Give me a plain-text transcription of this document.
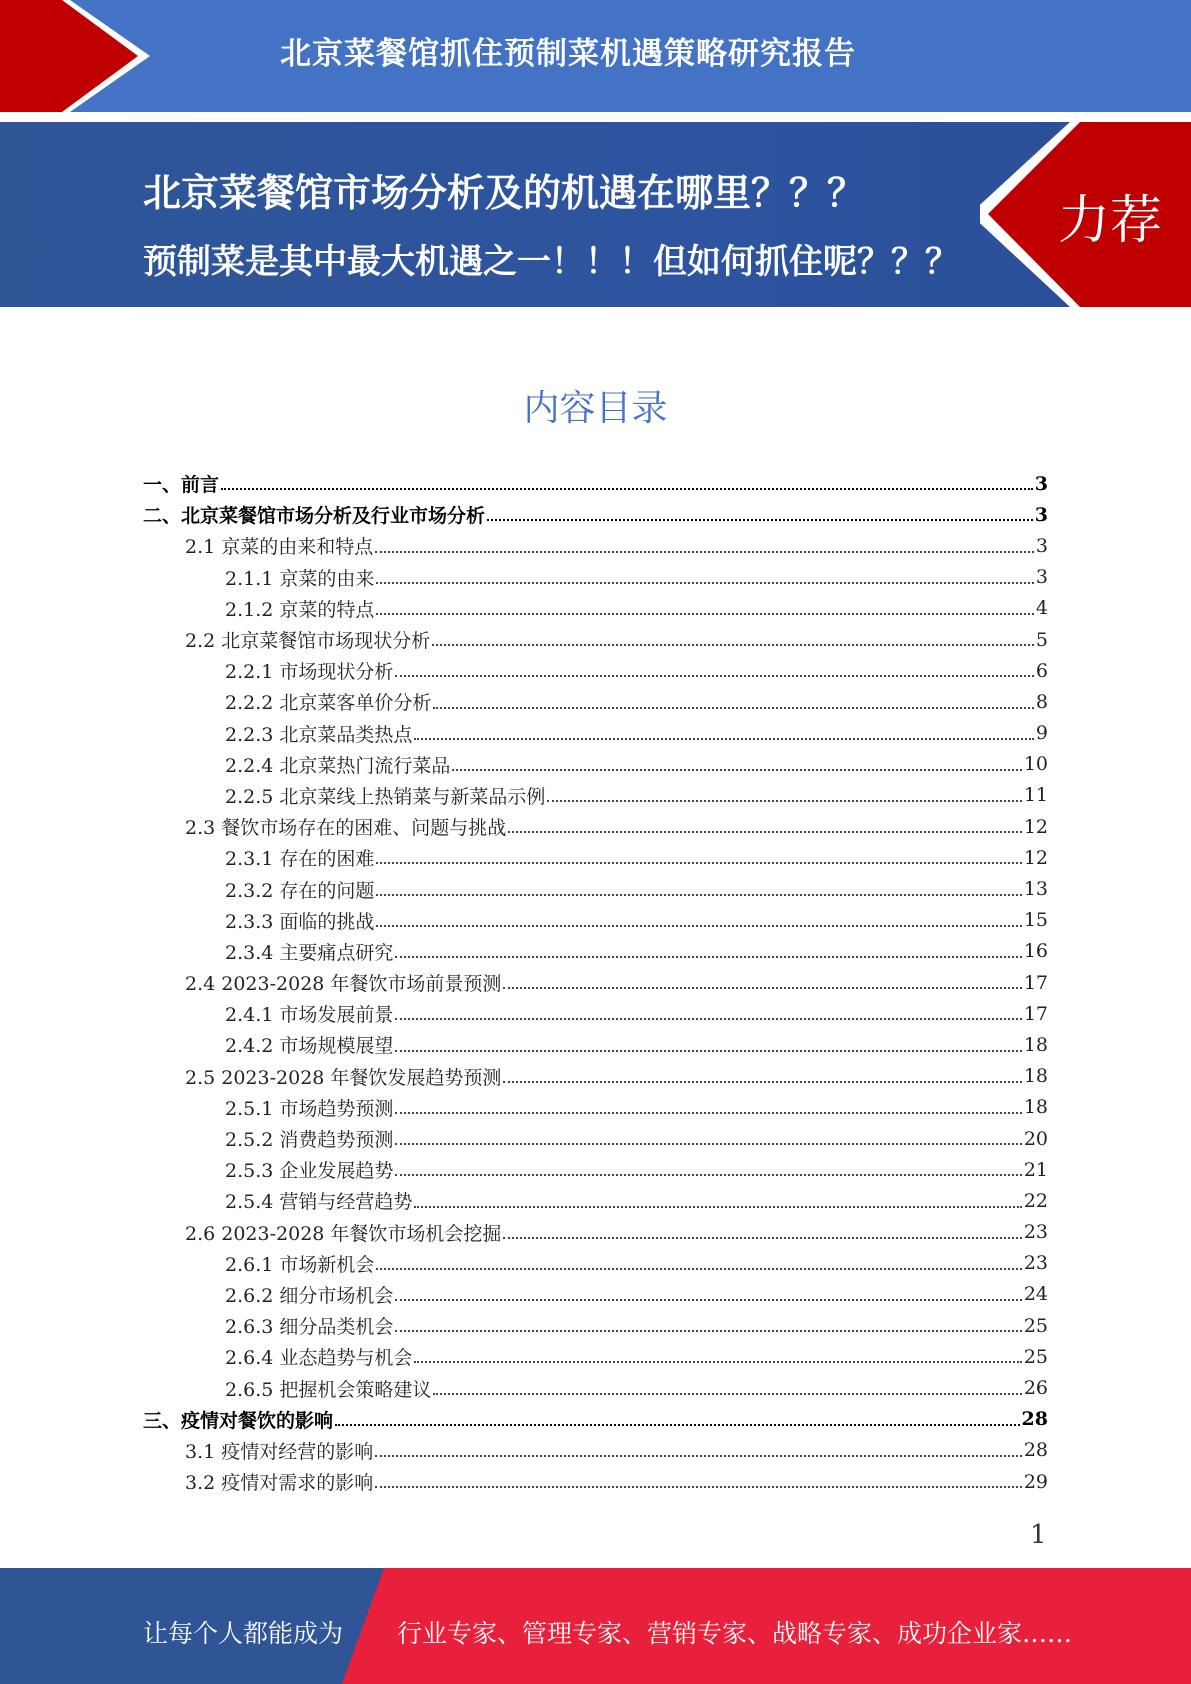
北京菜餐馆抓住预制菜机遇策略研究报告
北京菜餐馆市场分析及的机遇在哪里？？？
预制菜是其中最大机遇之一！！！但如何抓住呢？？？
力荐
内容目录
一、前言	3
二、北京菜餐馆市场分析及行业市场分析	3
2.1 京菜的由来和特点	3
2.1.1 京菜的由来	3
2.1.2 京菜的特点	4
2.2 北京菜餐馆市场现状分析	5
2.2.1 市场现状分析	6
2.2.2 北京菜客单价分析	8
2.2.3 北京菜品类热点	9
2.2.4 北京菜热门流行菜品	10
2.2.5 北京菜线上热销菜与新菜品示例	11
2.3 餐饮市场存在的困难、问题与挑战	12
2.3.1 存在的困难	12
2.3.2 存在的问题	13
2.3.3 面临的挑战	15
2.3.4 主要痛点研究	16
2.4 2023-2028 年餐饮市场前景预测	17
2.4.1 市场发展前景	17
2.4.2 市场规模展望	18
2.5 2023-2028 年餐饮发展趋势预测	18
2.5.1 市场趋势预测	18
2.5.2 消费趋势预测	20
2.5.3 企业发展趋势	21
2.5.4 营销与经营趋势	22
2.6 2023-2028 年餐饮市场机会挖掘	23
2.6.1 市场新机会	23
2.6.2 细分市场机会	24
2.6.3 细分品类机会	25
2.6.4 业态趋势与机会	25
2.6.5 把握机会策略建议	26
三、疫情对餐饮的影响	28
3.1 疫情对经营的影响	28
3.2 疫情对需求的影响	29
1
让每个人都能成为 行业专家、管理专家、营销专家、战略专家、成功企业家……
